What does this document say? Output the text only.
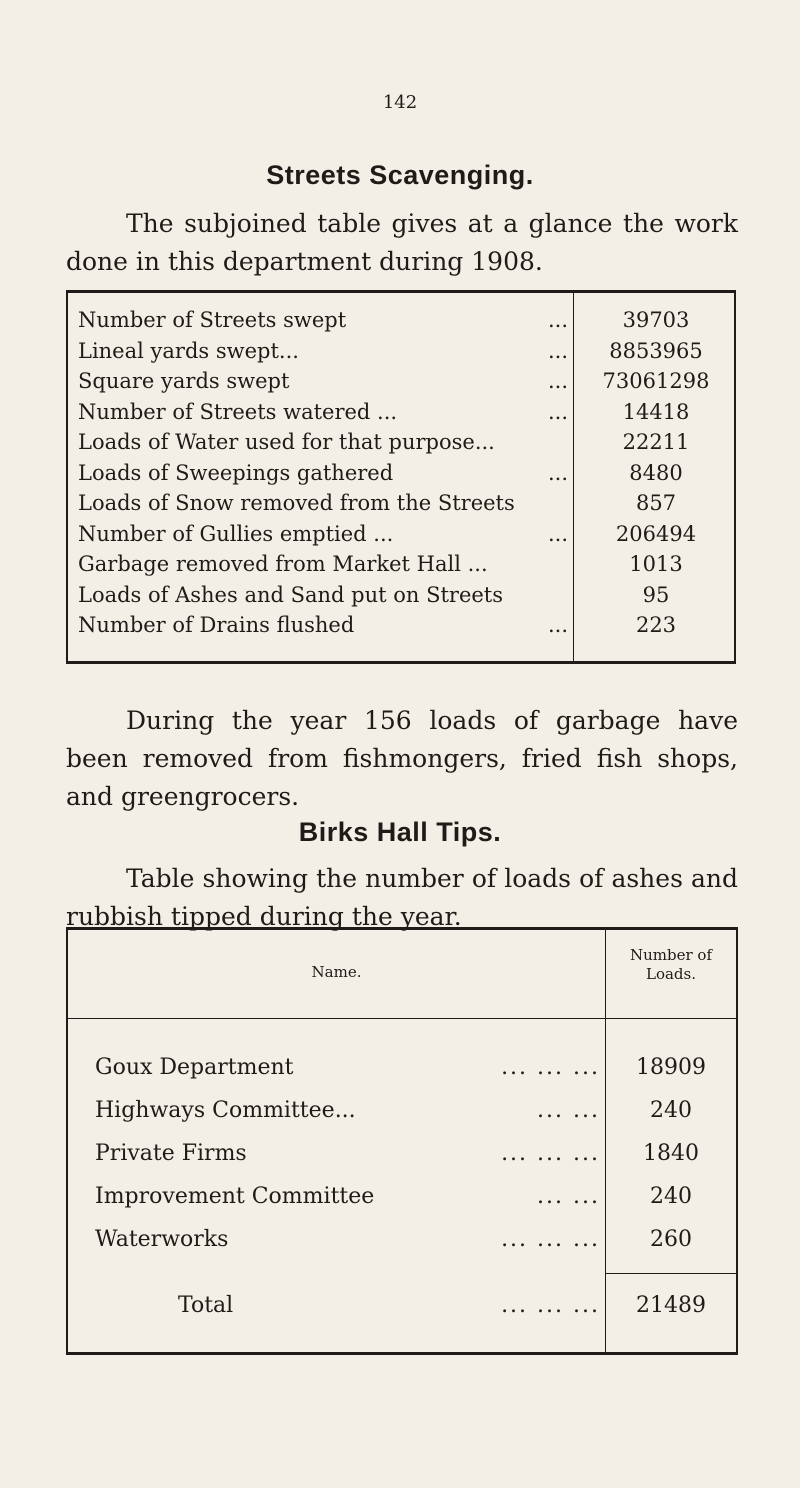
142
Streets Scavenging.
The subjoined table gives at a glance the work done in this department during 1908.
Number of Streets swept	...	39703
Lineal yards swept...	...	8853965
Square yards swept	...	73061298
Number of Streets watered ...	...	14418
Loads of Water used for that purpose...	22211
Loads of Sweepings gathered	...	8480
Loads of Snow removed from the Streets	857
Number of Gullies emptied ...	...	206494
Garbage removed from Market Hall ...	1013
Loads of Ashes and Sand put on Streets	95
Number of Drains flushed	...	223
During the year 156 loads of garbage have been removed from fishmongers, fried fish shops, and greengrocers.
Birks Hall Tips.
Table showing the number of loads of ashes and rubbish tipped during the year.
Name.
Number of
Loads.
Goux Department	... ... ...	18909
Highways Committee...	... ...	240
Private Firms	... ... ...	1840
Improvement Committee	... ...	240
Waterworks	... ... ...	260
Total	... ... ...	21489
